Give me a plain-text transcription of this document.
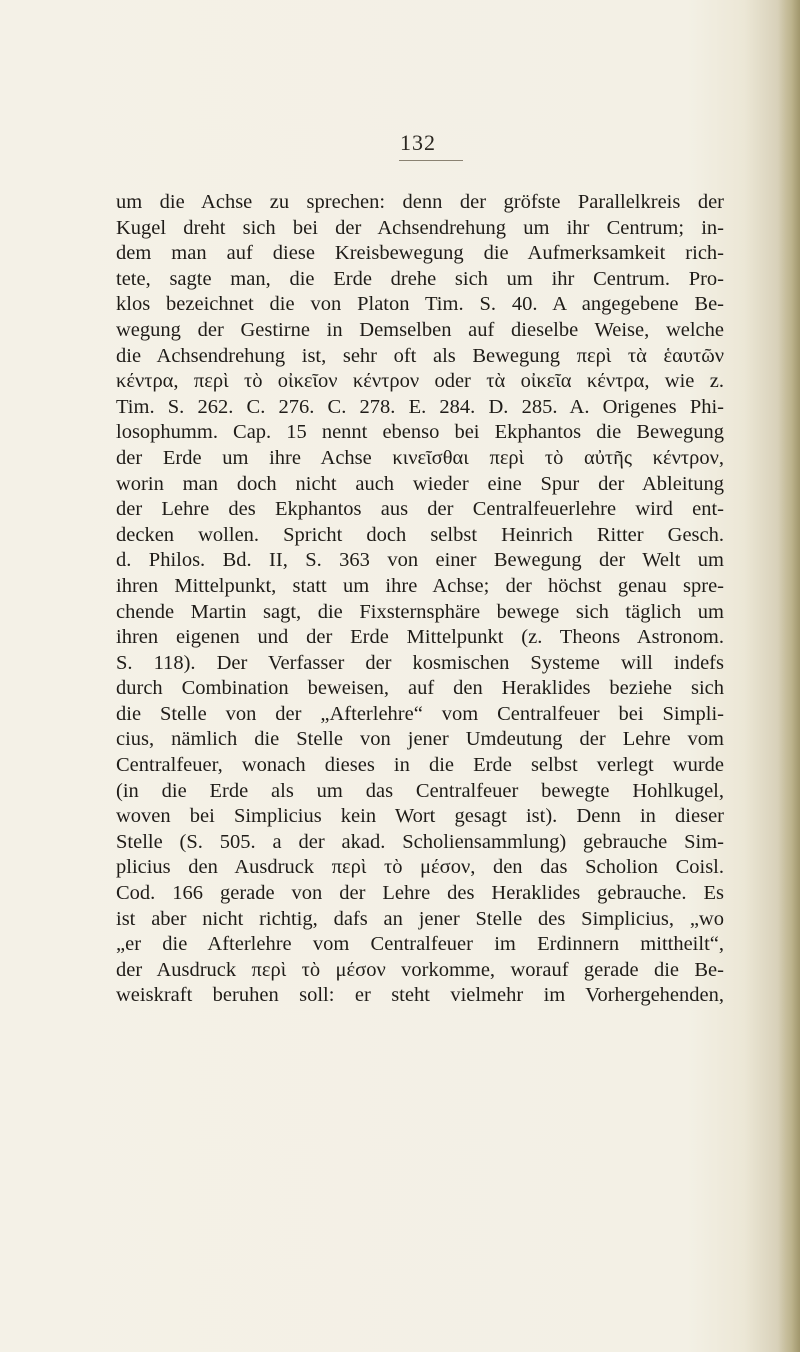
132
um die Achse zu sprechen: denn der gröfste Parallelkreis der
Kugel dreht sich bei der Achsendrehung um ihr Centrum; in-
dem man auf diese Kreisbewegung die Aufmerksamkeit rich-
tete, sagte man, die Erde drehe sich um ihr Centrum. Pro-
klos bezeichnet die von Platon Tim. S. 40. A angegebene Be-
wegung der Gestirne in Demselben auf dieselbe Weise, welche
die Achsendrehung ist, sehr oft als Bewegung περὶ τὰ ἑαυτῶν
κέντρα, περὶ τὸ οἰκεῖον κέντρον oder τὰ οἰκεῖα κέντρα, wie z.
Tim. S. 262. C. 276. C. 278. E. 284. D. 285. A. Origenes Phi-
losophumm. Cap. 15 nennt ebenso bei Ekphantos die Bewegung
der Erde um ihre Achse κινεῖσθαι περὶ τὸ αὐτῆς κέντρον,
worin man doch nicht auch wieder eine Spur der Ableitung
der Lehre des Ekphantos aus der Centralfeuerlehre wird ent-
decken wollen. Spricht doch selbst Heinrich Ritter Gesch.
d. Philos. Bd. II, S. 363 von einer Bewegung der Welt um
ihren Mittelpunkt, statt um ihre Achse; der höchst genau spre-
chende Martin sagt, die Fixsternsphäre bewege sich täglich um
ihren eigenen und der Erde Mittelpunkt (z. Theons Astronom.
S. 118). Der Verfasser der kosmischen Systeme will indefs
durch Combination beweisen, auf den Heraklides beziehe sich
die Stelle von der „Afterlehre“ vom Centralfeuer bei Simpli-
cius, nämlich die Stelle von jener Umdeutung der Lehre vom
Centralfeuer, wonach dieses in die Erde selbst verlegt wurde
(in die Erde als um das Centralfeuer bewegte Hohlkugel,
woven bei Simplicius kein Wort gesagt ist). Denn in dieser
Stelle (S. 505. a der akad. Scholiensammlung) gebrauche Sim-
plicius den Ausdruck περὶ τὸ μέσον, den das Scholion Coisl.
Cod. 166 gerade von der Lehre des Heraklides gebrauche. Es
ist aber nicht richtig, dafs an jener Stelle des Simplicius, „wo
„er die Afterlehre vom Centralfeuer im Erdinnern mittheilt“,
der Ausdruck περὶ τὸ μέσον vorkomme, worauf gerade die Be-
weiskraft beruhen soll: er steht vielmehr im Vorhergehenden,
